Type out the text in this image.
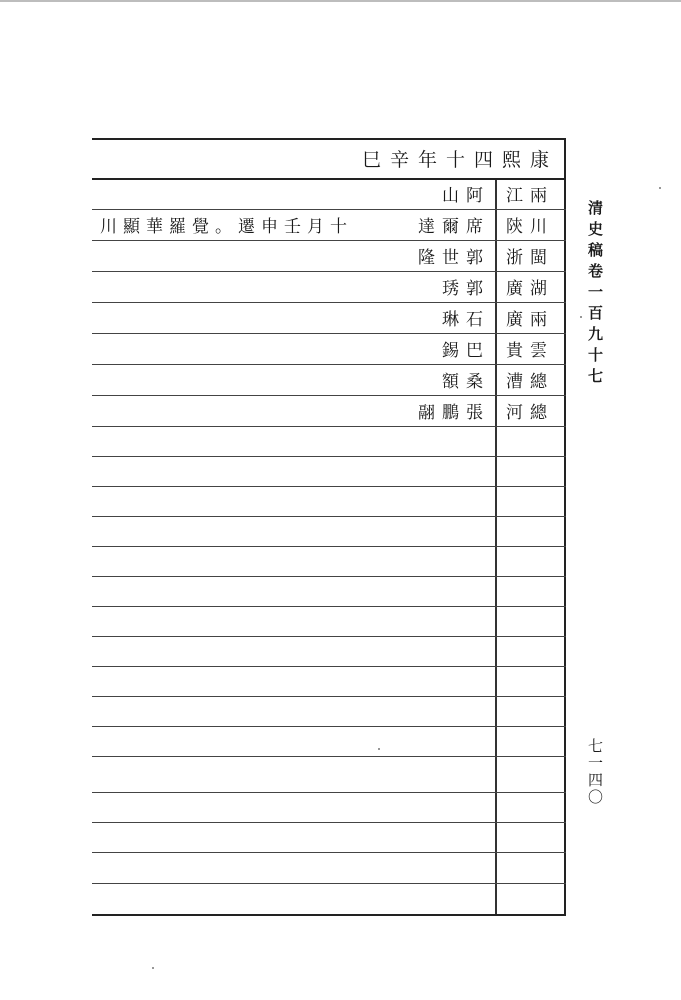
巳辛年十四熙康
江兩
山阿
陝川
達爾席
川顯華羅覺。遷申壬月十
浙閩
隆世郭
廣湖
琇郭
廣兩
琳石
貴雲
錫巴
漕總
額桑
河總
翮鵬張
清史稿卷一百九十七
七一四〇
